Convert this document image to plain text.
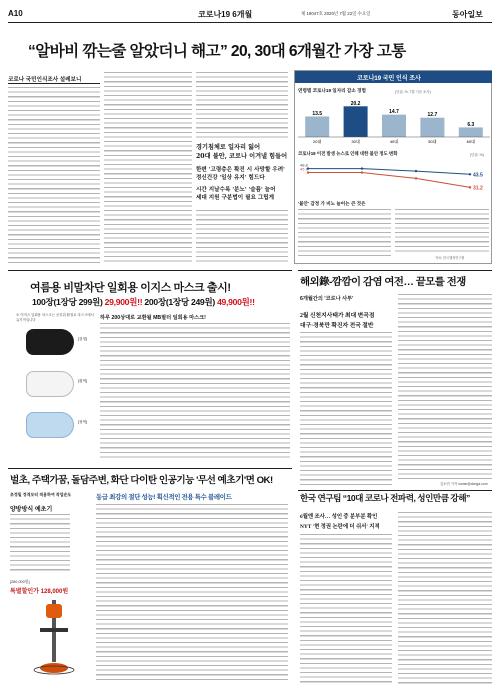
A10	코로나19 6개월	제 19047호 2020년 7월 22일 수요일	동아일보
“알바비 깎는줄 알았더니 해고” 20, 30대 6개월간 가장 고통
코로나 국민인식조사 설레보니
경기침체로 일자리 잃어
20대 불안, 코로나 이겨낼 힘들어
한편 '고령층은 확진 시 사망할 우려'
정신건강 '일상 유지' 힘드다
시간 지날수록 '분노' '슬픔' 늘어
세대 지원 구분법이 필요 그립게
코로나19 국민 인식 조사
연령별 코로나19 일자리 감소 경험	(단위: %, 7월 기준 조사)
13.5
20대
20.2
30대
14.7
40대
12.7
50대
6.3
60대
코로나19 이전 발생 뉴스로 인해 대한 불안 정도 변화	(단위: %)
43.5
48.8
31.2
45.1
'불안' 감정 가 비노 늘어는 큰 것은
자료: 한국행정연구원
여름용 비말차단 일회용 이지스 마스크 출시!
100장(1장당 299원) 29,900원!! 200장(1장당 249원) 49,900원!!
※ 이지스 일회용 마스크는 공중위 환절로 마스크에서 유기적입니다	하루 200상대로 교환될 MB필터 일회용 마스크!
[검정]
[흰색]
[청색]
벌초, 주택가꿈, 돌담주변, 화단 다이탄 인공기능 '무선 예초기'면 OK!
초정밀 정격모터 적용하여 작업순도
양방방식 예초기
[280,000원]
특별할인가 128,000원
동급 최강의 절단 성능! 획신적인 전용 특수 블레이드
해외錄-깜깜이 감염 여전… 끝모를 전쟁
6개월간의 '코로나 사투'
2월 신천지사태가 최대 변곡점
대구·경북만 확진자 전국 절반
김소민 기자 somin@donga.com
한국 연구팀 “10대 코로나 전파력, 성인만큼 강해”
6월엔 조사… 성인 중 분부분 확인
NYT '현 정권 논란에 더 쉬서' 지적
